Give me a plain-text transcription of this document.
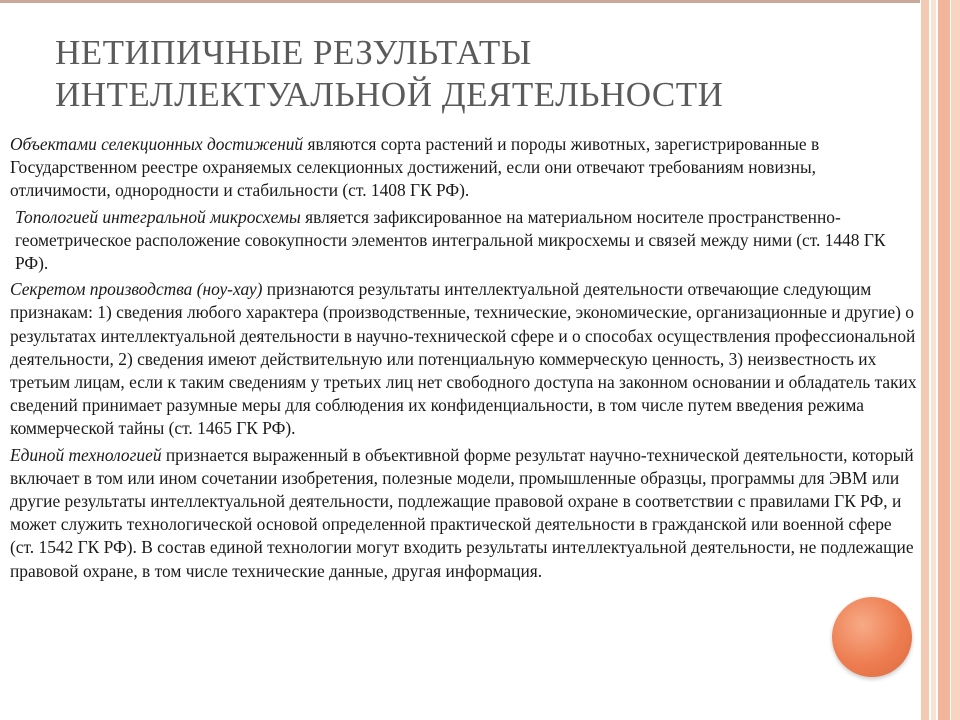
НЕТИПИЧНЫЕ РЕЗУЛЬТАТЫ
ИНТЕЛЛЕКТУАЛЬНОЙ ДЕЯТЕЛЬНОСТИ

Объектами селекционных достижений являются сорта растений и породы животных, зарегистрированные в Государственном реестре охраняемых селекционных достижений, если они отвечают требованиям новизны, отличимости, однородности и стабильности (ст. 1408 ГК РФ).

Топологией интегральной микросхемы является зафиксированное на материальном носителе пространственно-геометрическое расположение совокупности элементов интегральной микросхемы и связей между ними (ст. 1448 ГК РФ).

Секретом производства (ноу-хау) признаются результаты интеллектуальной деятельности отвечающие следующим признакам: 1) сведения любого характера (производственные, технические, экономические, организационные и другие) о результатах интеллектуальной деятельности в научно-технической сфере и о способах осуществления профессиональной деятельности, 2) сведения имеют действительную или потенциальную коммерческую ценность, 3) неизвестность их третьим лицам, если к таким сведениям у третьих лиц нет свободного доступа на законном основании и обладатель таких сведений принимает разумные меры для соблюдения их конфиденциальности, в том числе путем введения режима коммерческой тайны (ст. 1465 ГК РФ).

Единой технологией признается выраженный в объективной форме результат научно-технической деятельности, который включает в том или ином сочетании изобретения, полезные модели, промышленные образцы, программы для ЭВМ или другие результаты интеллектуальной деятельности, подлежащие правовой охране в соответствии с правилами ГК РФ, и может служить технологической основой определенной практической деятельности в гражданской или военной сфере (ст. 1542 ГК РФ). В состав единой технологии могут входить результаты интеллектуальной деятельности, не подлежащие правовой охране, в том числе технические данные, другая информация.
